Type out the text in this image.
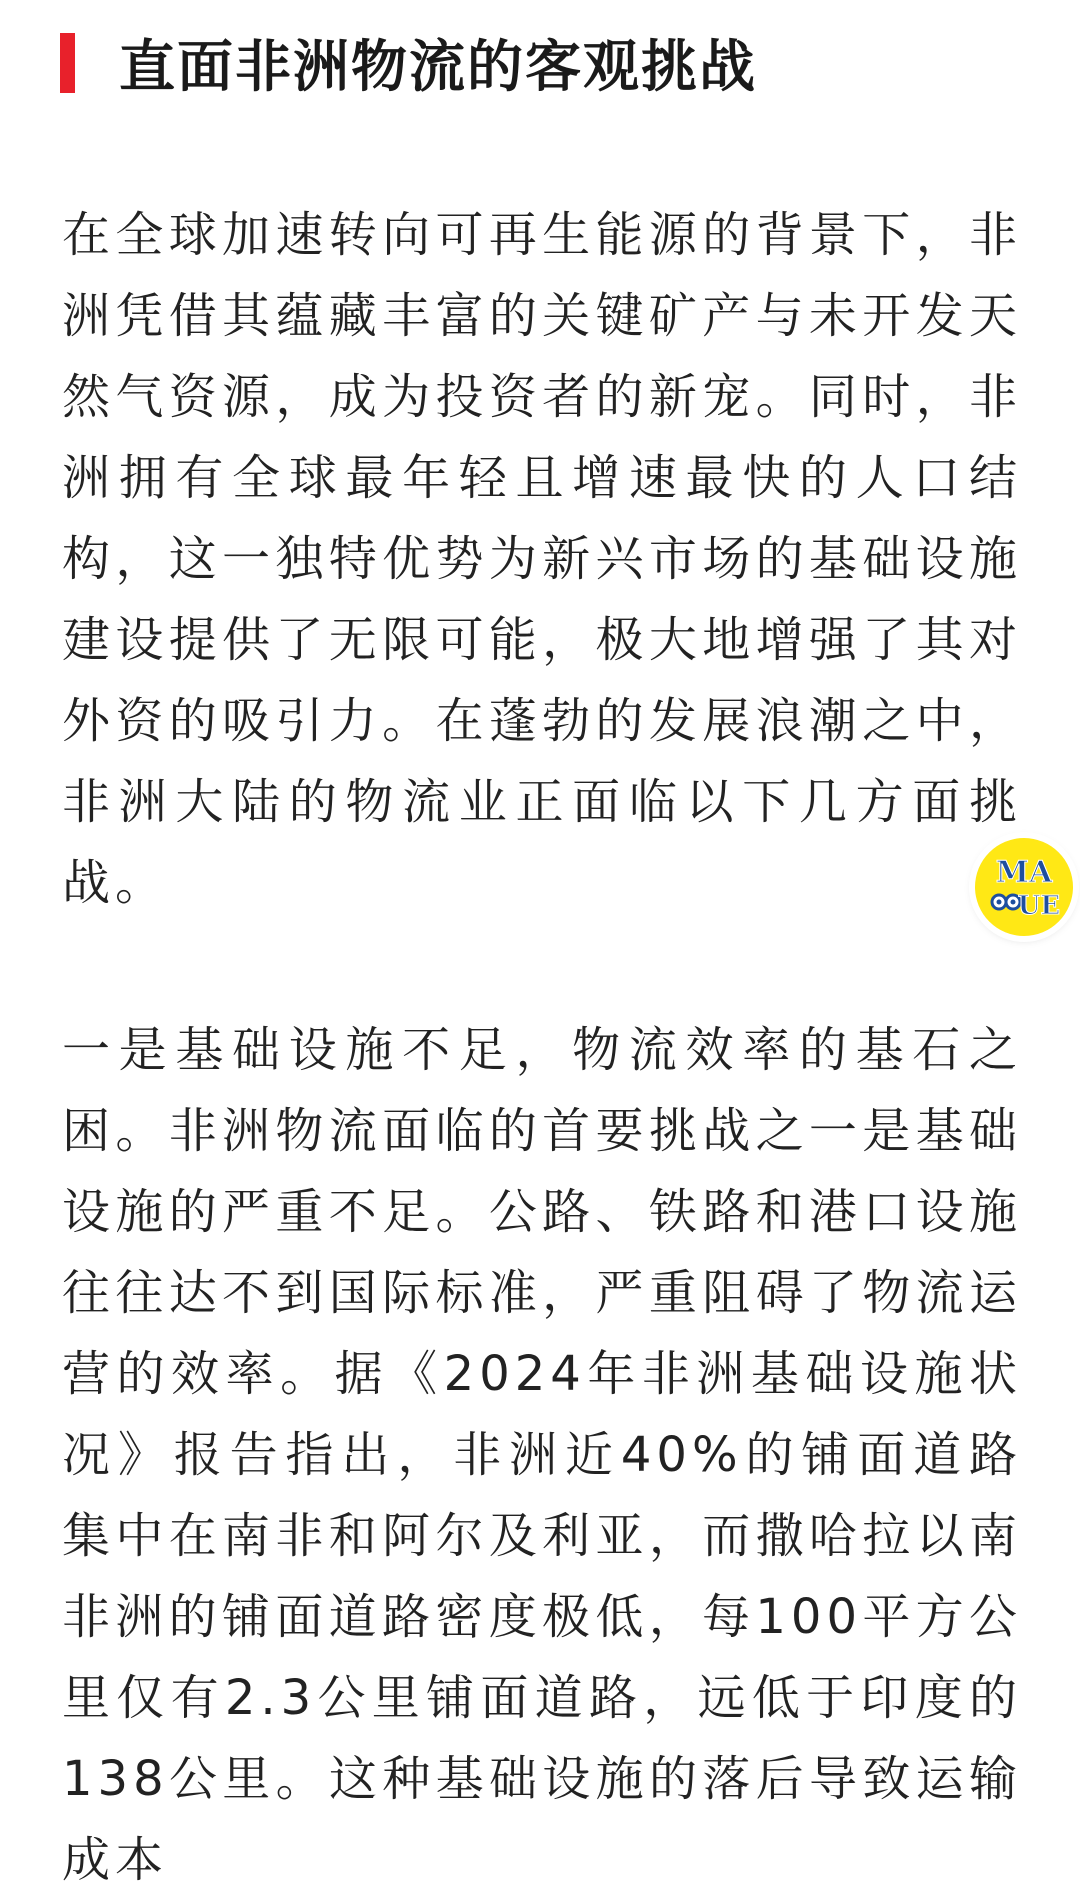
直面非洲物流的客观挑战

在全球加速转向可再生能源的背景下，非洲凭借其蕴藏丰富的关键矿产与未开发天然气资源，成为投资者的新宠。同时，非洲拥有全球最年轻且增速最快的人口结构，这一独特优势为新兴市场的基础设施建设提供了无限可能，极大地增强了其对外资的吸引力。在蓬勃的发展浪潮之中，非洲大陆的物流业正面临以下几方面挑战。

一是基础设施不足，物流效率的基石之困。非洲物流面临的首要挑战之一是基础设施的严重不足。公路、铁路和港口设施往往达不到国际标准，严重阻碍了物流运营的效率。据《2024年非洲基础设施状况》报告指出，非洲近40%的铺面道路集中在南非和阿尔及利亚，而撒哈拉以南非洲的铺面道路密度极低，每100平方公里仅有2.3公里铺面道路，远低于印度的138公里。这种基础设施的落后导致运输成本

MA
UE
